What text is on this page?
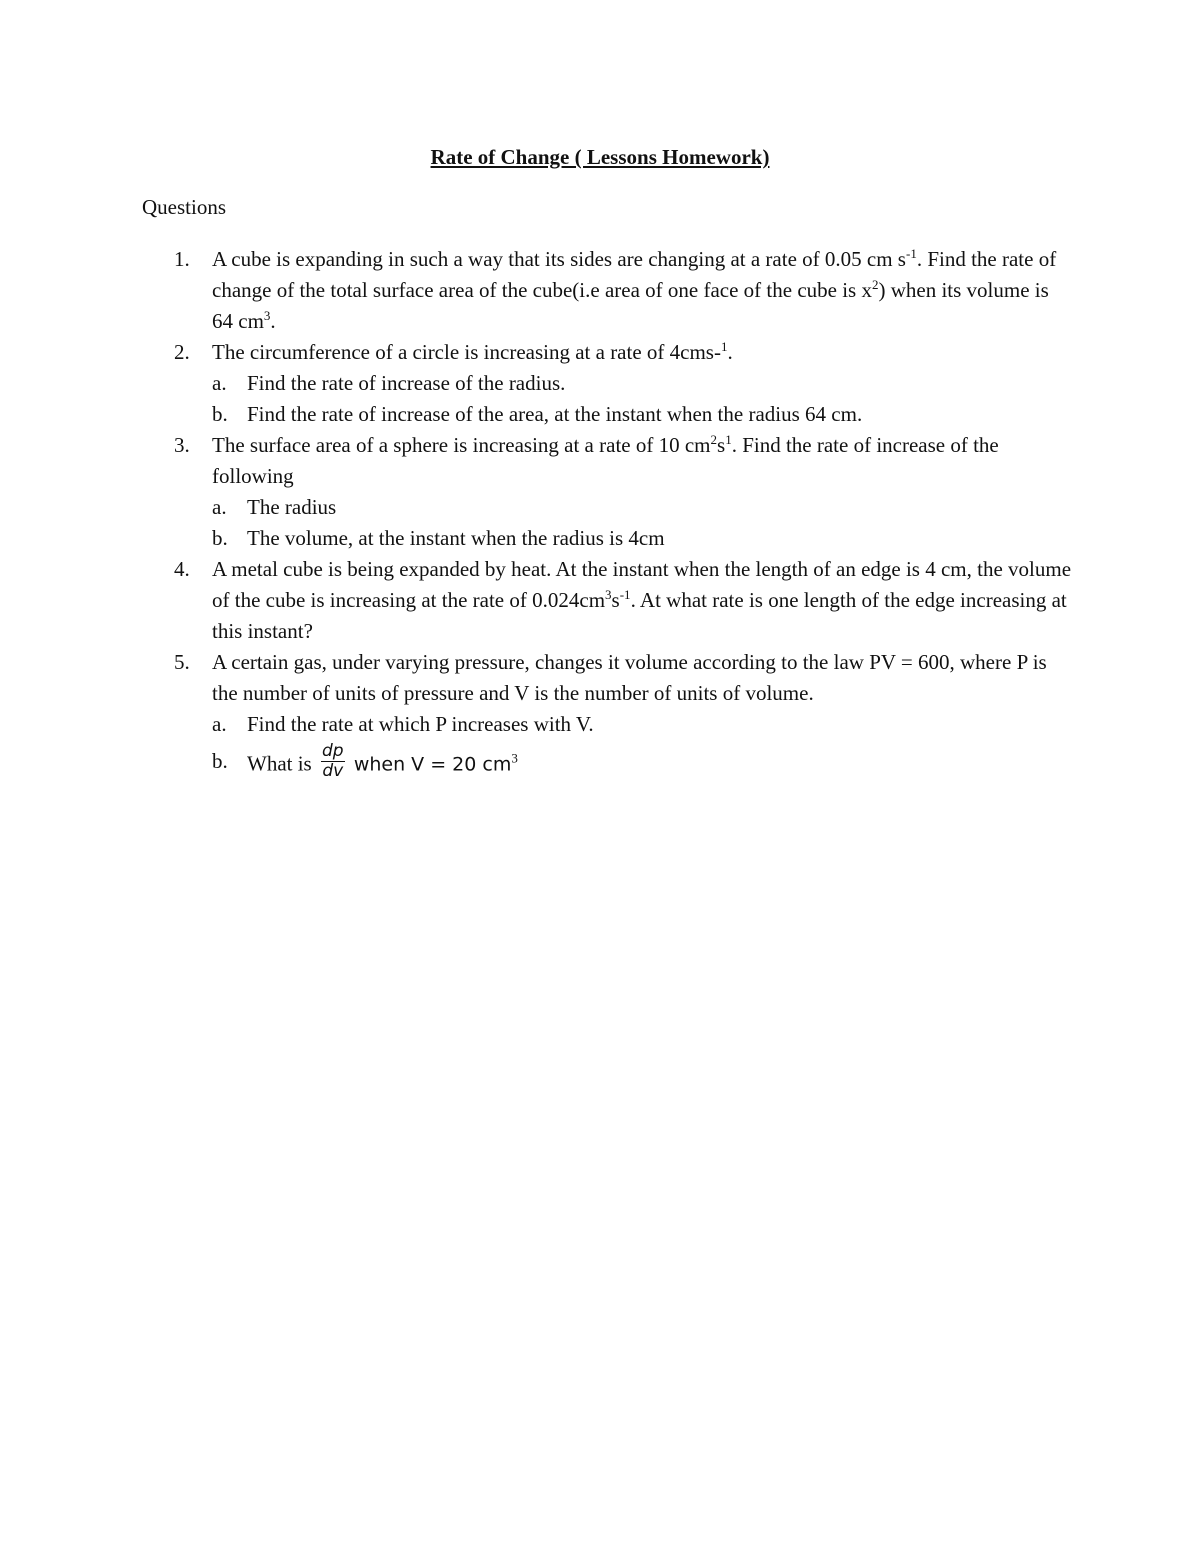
Rate of Change ( Lessons Homework)
Questions
1. A cube is expanding in such a way that its sides are changing at a rate of 0.05 cm $s^{-1}$. Find the rate of change of the total surface area of the cube(i.e area of one face of the cube is $x^2$) when its volume is 64 $cm^3$.
2. The circumference of a circle is increasing at a rate of 4cms-$^1$.
a. Find the rate of increase of the radius.
b. Find the rate of increase of the area, at the instant when the radius 64 cm.
3. The surface area of a sphere is increasing at a rate of 10 $cm^2s^1$. Find the rate of increase of the following
a. The radius
b. The volume, at the instant when the radius is 4cm
4. A metal cube is being expanded by heat. At the instant when the length of an edge is 4 cm, the volume of the cube is increasing at the rate of $0.024cm^3s^{-1}$. At what rate is one length of the edge increasing at this instant?
5. A certain gas, under varying pressure, changes it volume according to the law PV = 600, where P is the number of units of pressure and V is the number of units of volume.
a. Find the rate at which P increases with V.
b. What is $\frac{dp}{dv}$ when V = 20 $cm^3$
